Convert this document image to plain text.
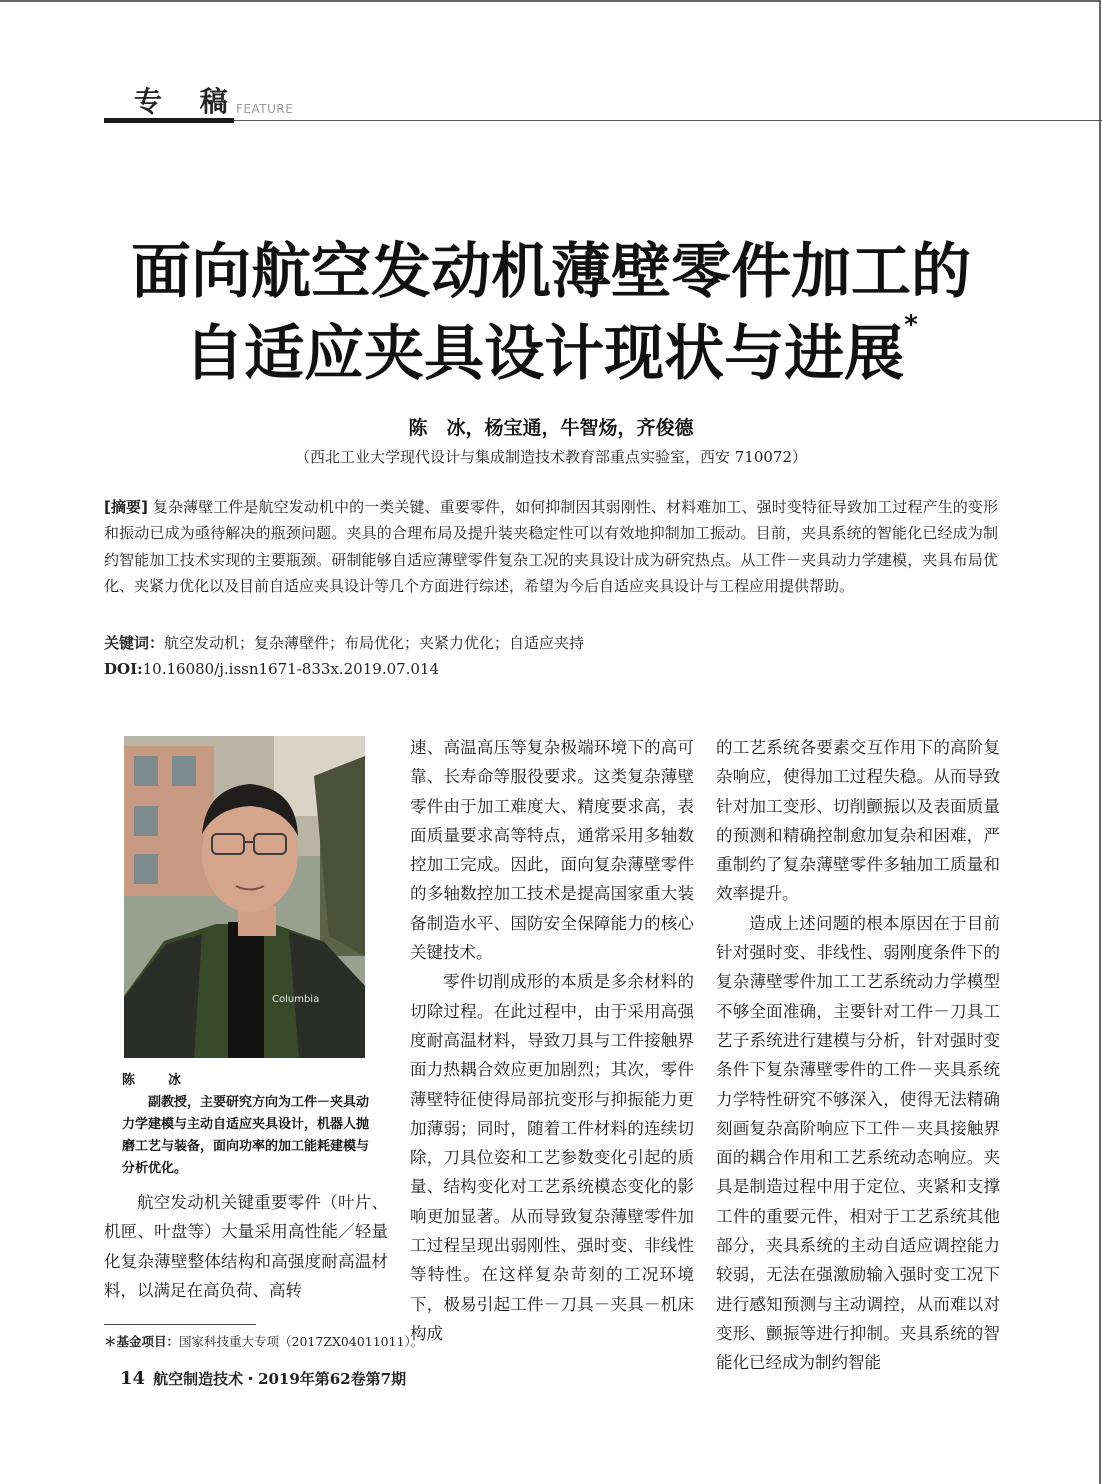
专 稿
FEATURE
面向航空发动机薄壁零件加工的
自适应夹具设计现状与进展*
陈　冰，杨宝通，牛智炀，齐俊德
（西北工业大学现代设计与集成制造技术教育部重点实验室，西安 710072）
[摘要] 复杂薄壁工件是航空发动机中的一类关键、重要零件，如何抑制因其弱刚性、材料难加工、强时变特征导致加工过程产生的变形和振动已成为亟待解决的瓶颈问题。夹具的合理布局及提升装夹稳定性可以有效地抑制加工振动。目前，夹具系统的智能化已经成为制约智能加工技术实现的主要瓶颈。研制能够自适应薄壁零件复杂工况的夹具设计成为研究热点。从工件－夹具动力学建模，夹具布局优化、夹紧力优化以及目前自适应夹具设计等几个方面进行综述，希望为今后自适应夹具设计与工程应用提供帮助。
关键词：航空发动机；复杂薄壁件；布局优化；夹紧力优化；自适应夹持
DOI:10.16080/j.issn1671-833x.2019.07.014
Columbia
陈　冰
副教授，主要研究方向为工件－夹具动力学建模与主动自适应夹具设计，机器人抛磨工艺与装备，面向功率的加工能耗建模与分析优化。

航空发动机关键重要零件（叶片、机匣、叶盘等）大量采用高性能／轻量化复杂薄壁整体结构和高强度耐高温材料，以满足在高负荷、高转

速、高温高压等复杂极端环境下的高可靠、长寿命等服役要求。这类复杂薄壁零件由于加工难度大、精度要求高，表面质量要求高等特点，通常采用多轴数控加工完成。因此，面向复杂薄壁零件的多轴数控加工技术是提高国家重大装备制造水平、国防安全保障能力的核心关键技术。

零件切削成形的本质是多余材料的切除过程。在此过程中，由于采用高强度耐高温材料，导致刀具与工件接触界面力热耦合效应更加剧烈；其次，零件薄壁特征使得局部抗变形与抑振能力更加薄弱；同时，随着工件材料的连续切除，刀具位姿和工艺参数变化引起的质量、结构变化对工艺系统模态变化的影响更加显著。从而导致复杂薄壁零件加工过程呈现出弱刚性、强时变、非线性等特性。在这样复杂苛刻的工况环境下，极易引起工件－刀具－夹具－机床构成

的工艺系统各要素交互作用下的高阶复杂响应，使得加工过程失稳。从而导致针对加工变形、切削颤振以及表面质量的预测和精确控制愈加复杂和困难，严重制约了复杂薄壁零件多轴加工质量和效率提升。

造成上述问题的根本原因在于目前针对强时变、非线性、弱刚度条件下的复杂薄壁零件加工工艺系统动力学模型不够全面准确，主要针对工件－刀具工艺子系统进行建模与分析，针对强时变条件下复杂薄壁零件的工件－夹具系统力学特性研究不够深入，使得无法精确刻画复杂高阶响应下工件－夹具接触界面的耦合作用和工艺系统动态响应。夹具是制造过程中用于定位、夹紧和支撑工件的重要元件，相对于工艺系统其他部分，夹具系统的主动自适应调控能力较弱，无法在强激励输入强时变工况下进行感知预测与主动调控，从而难以对变形、颤振等进行抑制。夹具系统的智能化已经成为制约智能

＊基金项目：国家科技重大专项（2017ZX04011011）。
14 航空制造技术・2019年第62卷第7期
